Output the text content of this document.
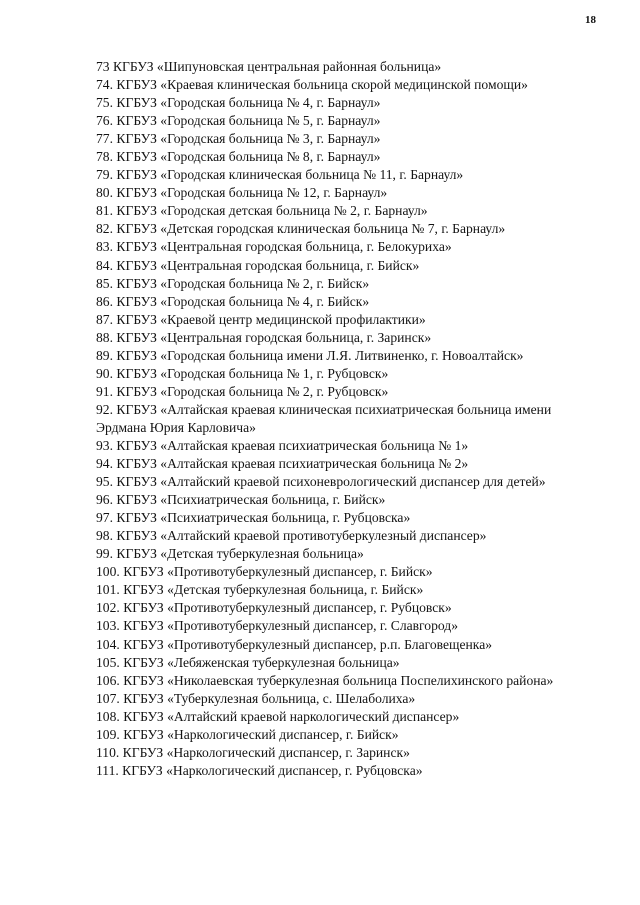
18
73 КГБУЗ «Шипуновская центральная районная больница»
74. КГБУЗ «Краевая клиническая больница скорой медицинской помощи»
75. КГБУЗ «Городская больница № 4, г. Барнаул»
76. КГБУЗ «Городская больница № 5, г. Барнаул»
77. КГБУЗ «Городская больница № 3, г. Барнаул»
78. КГБУЗ «Городская больница № 8, г. Барнаул»
79. КГБУЗ «Городская клиническая больница № 11, г. Барнаул»
80. КГБУЗ «Городская больница № 12, г. Барнаул»
81. КГБУЗ «Городская детская больница № 2, г. Барнаул»
82. КГБУЗ «Детская городская клиническая больница № 7, г. Барнаул»
83. КГБУЗ «Центральная городская больница, г. Белокуриха»
84. КГБУЗ «Центральная городская больница, г. Бийск»
85. КГБУЗ «Городская больница № 2, г. Бийск»
86. КГБУЗ «Городская больница № 4, г. Бийск»
87. КГБУЗ «Краевой центр медицинской профилактики»
88. КГБУЗ «Центральная городская больница, г. Заринск»
89. КГБУЗ «Городская больница имени Л.Я. Литвиненко, г. Новоалтайск»
90. КГБУЗ «Городская больница № 1, г. Рубцовск»
91. КГБУЗ «Городская больница № 2, г. Рубцовск»
92. КГБУЗ «Алтайская краевая клиническая психиатрическая больница имени Эрдмана Юрия Карловича»
93. КГБУЗ «Алтайская краевая психиатрическая больница № 1»
94. КГБУЗ «Алтайская краевая психиатрическая больница № 2»
95. КГБУЗ «Алтайский краевой психоневрологический диспансер для детей»
96. КГБУЗ «Психиатрическая больница, г. Бийск»
97. КГБУЗ «Психиатрическая больница, г. Рубцовска»
98. КГБУЗ «Алтайский краевой противотуберкулезный диспансер»
99. КГБУЗ «Детская туберкулезная больница»
100. КГБУЗ «Противотуберкулезный диспансер, г. Бийск»
101. КГБУЗ «Детская туберкулезная больница, г. Бийск»
102. КГБУЗ «Противотуберкулезный диспансер, г. Рубцовск»
103. КГБУЗ «Противотуберкулезный диспансер, г. Славгород»
104. КГБУЗ «Противотуберкулезный диспансер, р.п. Благовещенка»
105. КГБУЗ «Лебяженская туберкулезная больница»
106. КГБУЗ «Николаевская туберкулезная больница Поспелихинского района»
107. КГБУЗ «Туберкулезная больница, с. Шелаболиха»
108. КГБУЗ «Алтайский краевой наркологический диспансер»
109. КГБУЗ «Наркологический диспансер, г. Бийск»
110. КГБУЗ «Наркологический диспансер, г. Заринск»
111. КГБУЗ «Наркологический диспансер, г. Рубцовска»
